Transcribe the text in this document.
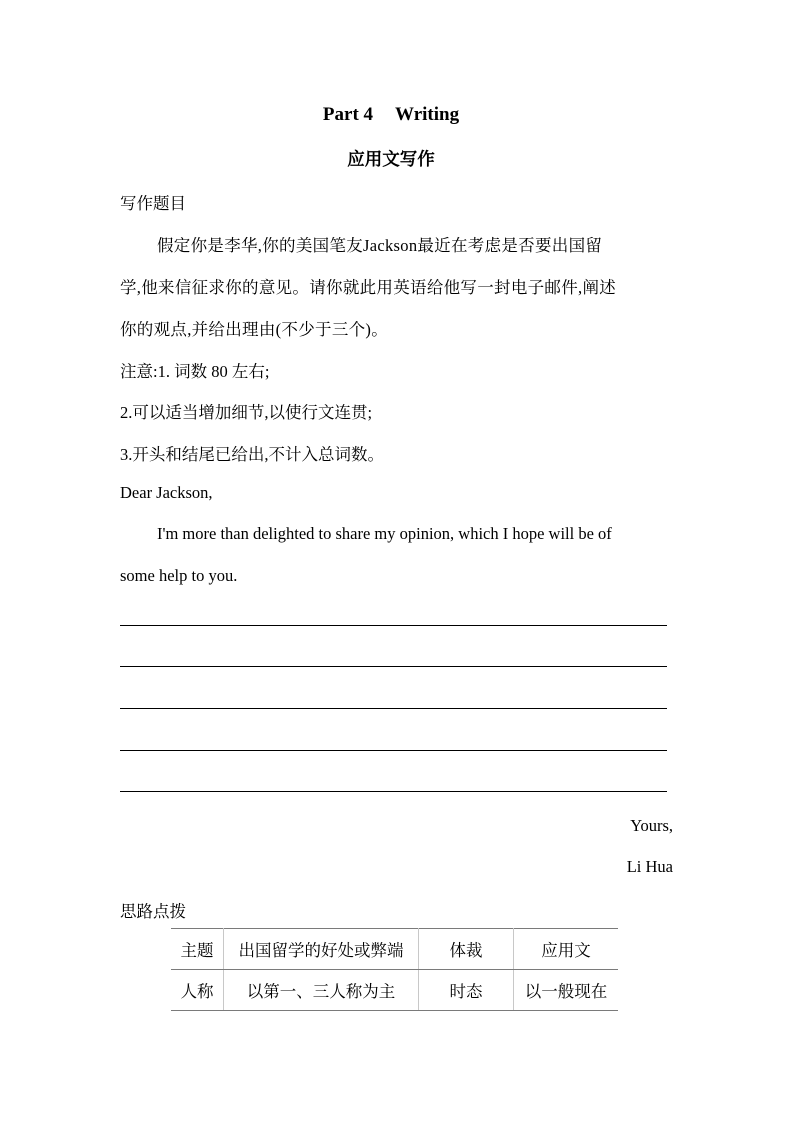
Part 4 Writing
应用文写作
写作题目
假定你是李华,你的美国笔友Jackson最近在考虑是否要出国留
学,他来信征求你的意见。请你就此用英语给他写一封电子邮件,阐述
你的观点,并给出理由(不少于三个)。
注意:1. 词数 80 左右;
2.可以适当增加细节,以使行文连贯;
3.开头和结尾已给出,不计入总词数。
Dear Jackson,
I'm more than delighted to share my opinion, which I hope will be of
some help to you.
Yours,
Li Hua
思路点拨
主题	出国留学的好处或弊端	体裁	应用文
人称	以第一、三人称为主	时态	以一般现在
